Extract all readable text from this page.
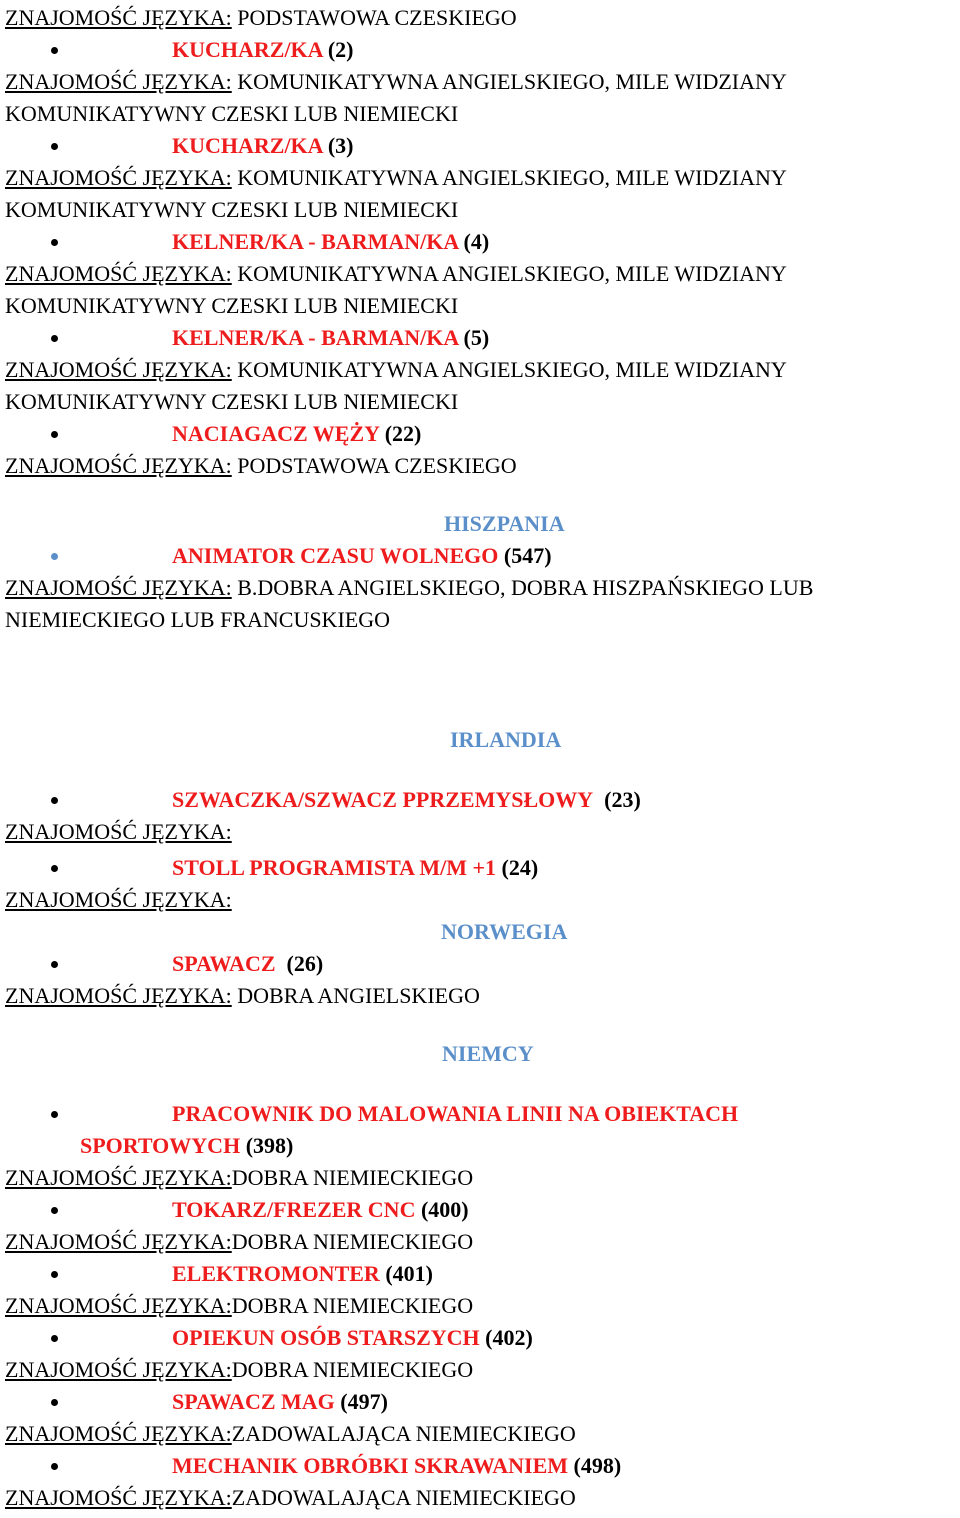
ZNAJOMOŚĆ JĘZYKA: PODSTAWOWA CZESKIEGO
KUCHARZ/KA (2)
ZNAJOMOŚĆ JĘZYKA: KOMUNIKATYWNA ANGIELSKIEGO, MILE WIDZIANY KOMUNIKATYWNY CZESKI LUB NIEMIECKI
KUCHARZ/KA (3)
ZNAJOMOŚĆ JĘZYKA: KOMUNIKATYWNA ANGIELSKIEGO, MILE WIDZIANY KOMUNIKATYWNY CZESKI LUB NIEMIECKI
KELNER/KA - BARMAN/KA (4)
ZNAJOMOŚĆ JĘZYKA: KOMUNIKATYWNA ANGIELSKIEGO, MILE WIDZIANY KOMUNIKATYWNY CZESKI LUB NIEMIECKI
KELNER/KA - BARMAN/KA (5)
ZNAJOMOŚĆ JĘZYKA: KOMUNIKATYWNA ANGIELSKIEGO, MILE WIDZIANY KOMUNIKATYWNY CZESKI LUB NIEMIECKI
NACIAGACZ WĘŻY (22)
ZNAJOMOŚĆ JĘZYKA: PODSTAWOWA CZESKIEGO
HISZPANIA
ANIMATOR CZASU WOLNEGO (547)
ZNAJOMOŚĆ JĘZYKA: B.DOBRA ANGIELSKIEGO, DOBRA HISZPAŃSKIEGO LUB NIEMIECKIEGO LUB FRANCUSKIEGO
IRLANDIA
SZWACZKA/SZWACZ PPRZEMYSŁOWY (23)
ZNAJOMOŚĆ JĘZYKA:
STOLL PROGRAMISTA M/M +1 (24)
ZNAJOMOŚĆ JĘZYKA:
NORWEGIA
SPAWACZ (26)
ZNAJOMOŚĆ JĘZYKA: DOBRA ANGIELSKIEGO
NIEMCY
PRACOWNIK DO MALOWANIA LINII NA OBIEKTACH
SPORTOWYCH (398)
ZNAJOMOŚĆ JĘZYKA:DOBRA NIEMIECKIEGO
TOKARZ/FREZER CNC (400)
ZNAJOMOŚĆ JĘZYKA:DOBRA NIEMIECKIEGO
ELEKTROMONTER (401)
ZNAJOMOŚĆ JĘZYKA:DOBRA NIEMIECKIEGO
OPIEKUN OSÓB STARSZYCH (402)
ZNAJOMOŚĆ JĘZYKA:DOBRA NIEMIECKIEGO
SPAWACZ MAG (497)
ZNAJOMOŚĆ JĘZYKA:ZADOWALAJĄCA NIEMIECKIEGO
MECHANIK OBRÓBKI SKRAWANIEM (498)
ZNAJOMOŚĆ JĘZYKA:ZADOWALAJĄCA NIEMIECKIEGO
